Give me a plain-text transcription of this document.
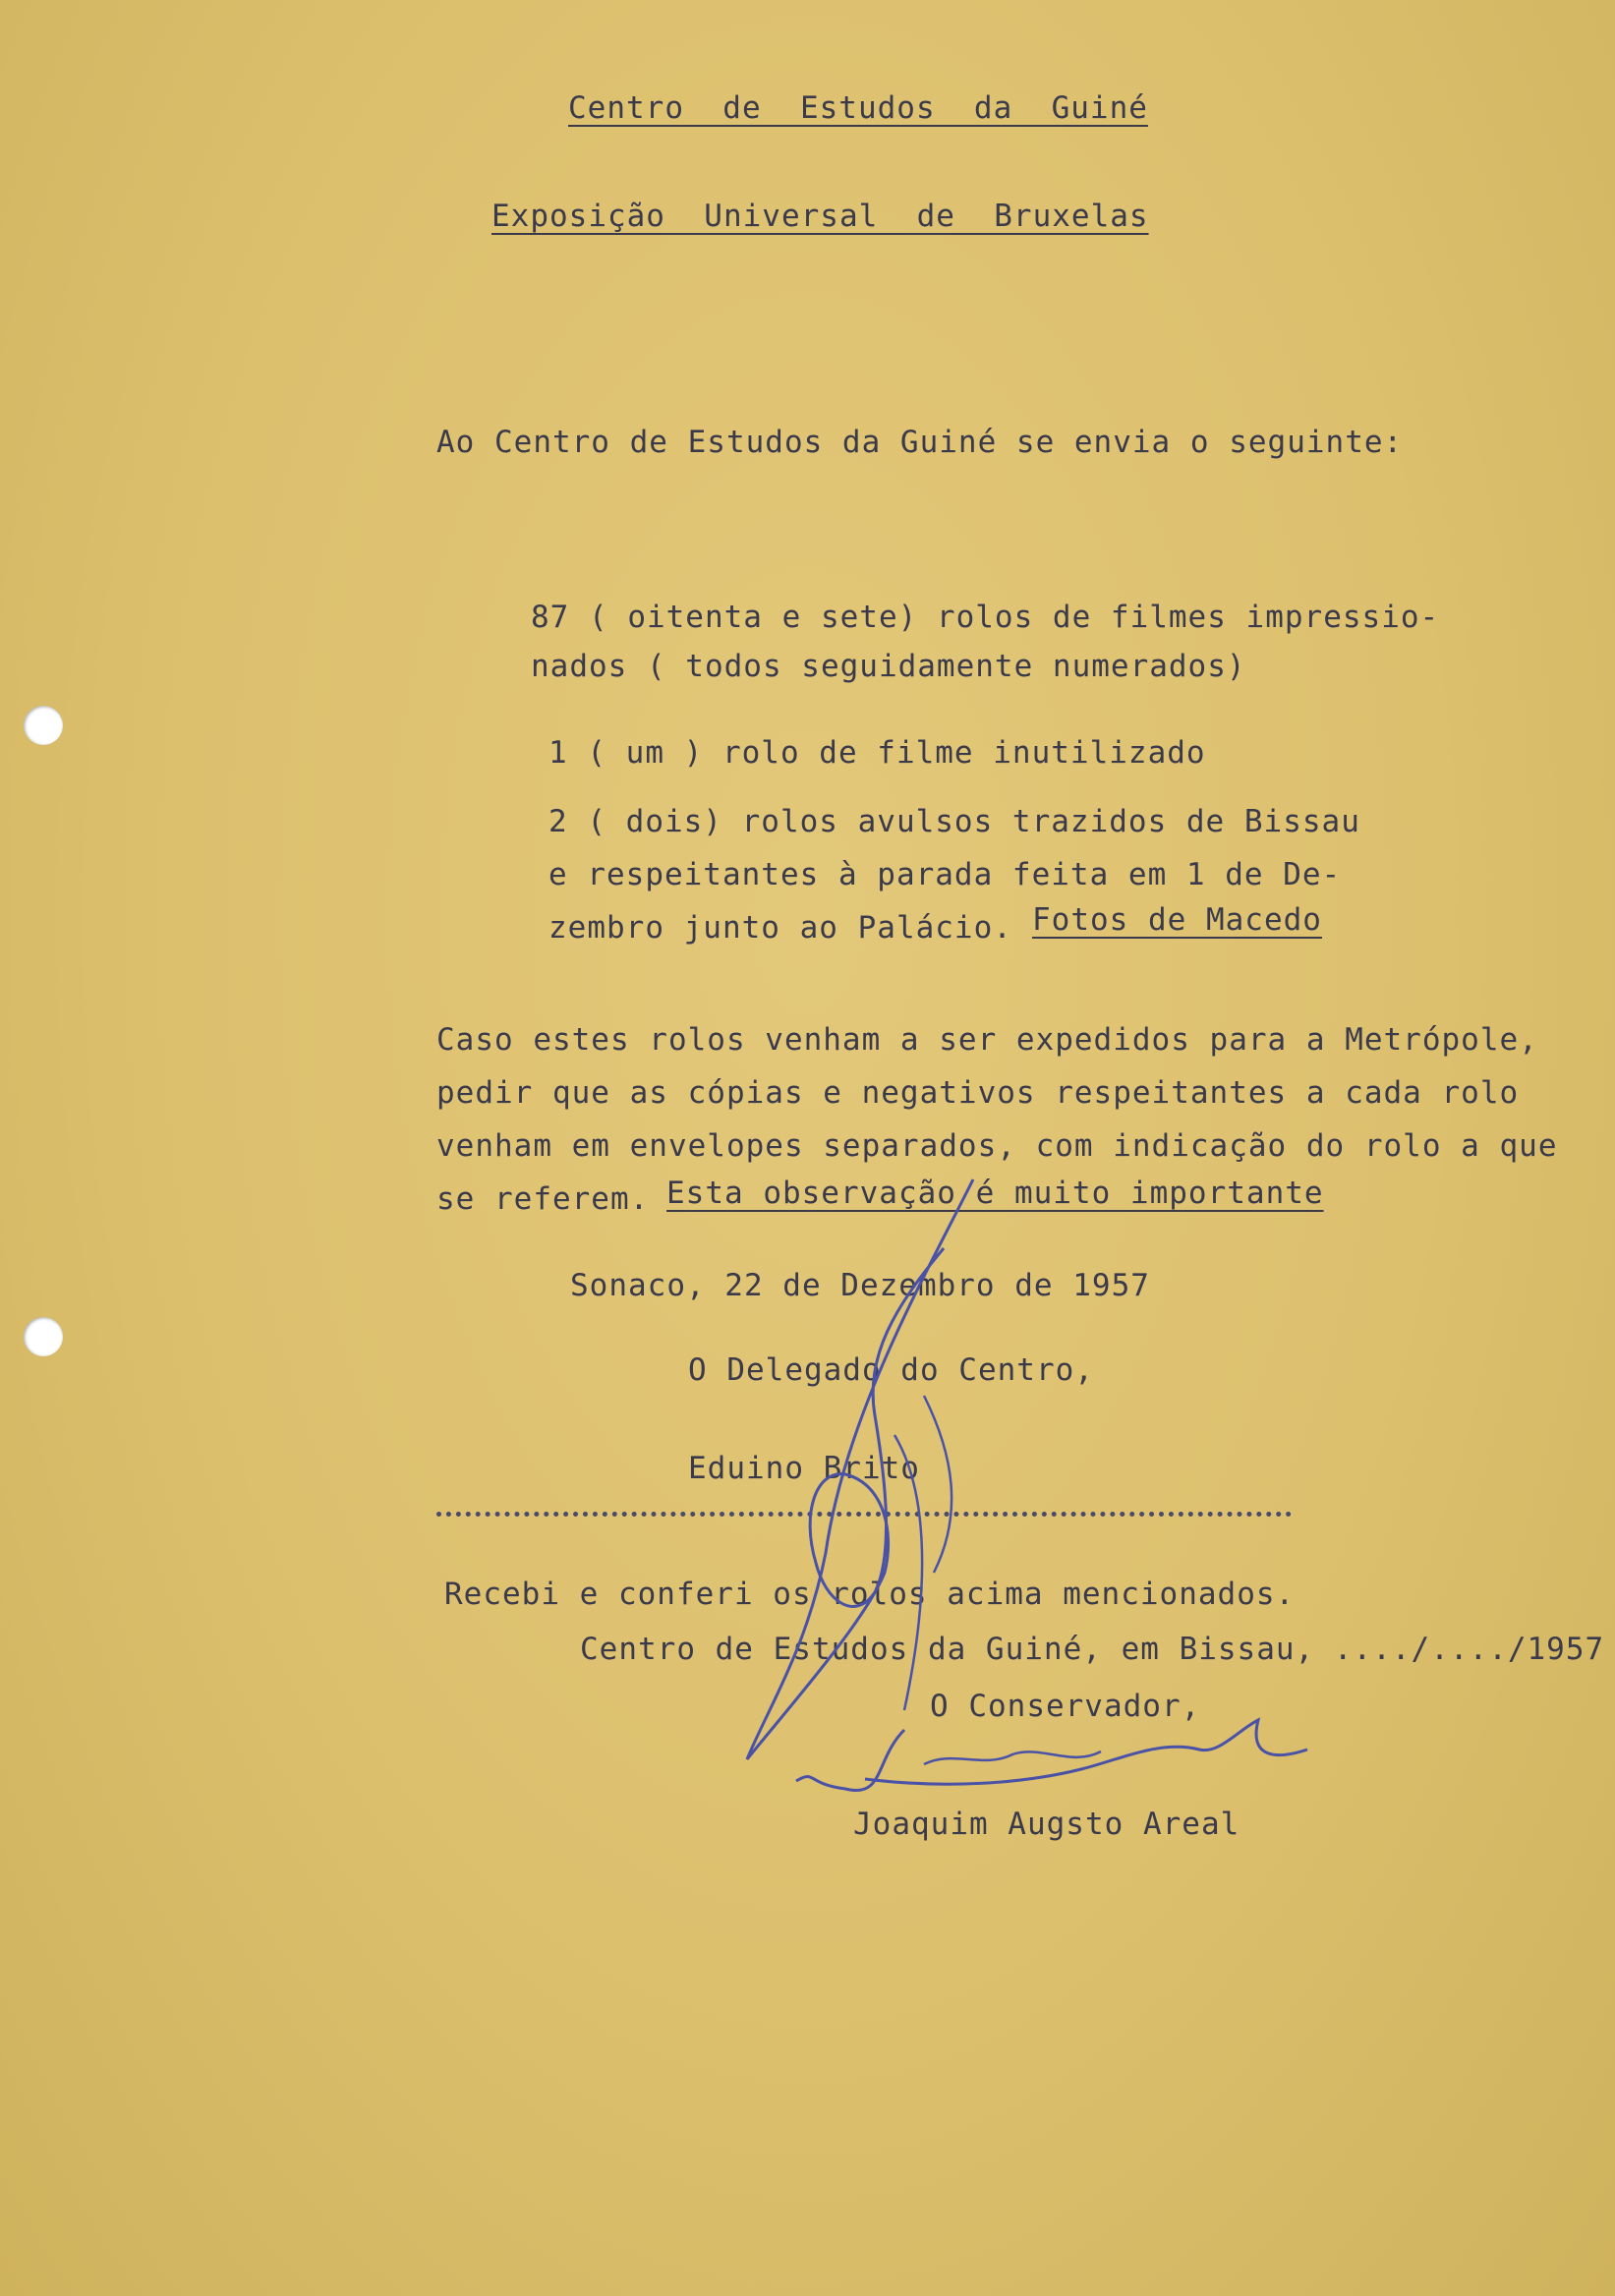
Centro  de  Estudos  da  Guiné
Exposição  Universal  de  Bruxelas
Ao Centro de Estudos da Guiné se envia o seguinte:
87 ( oitenta e sete) rolos de filmes impressio-
nados ( todos seguidamente numerados)
1 ( um ) rolo de filme inutilizado
2 ( dois) rolos avulsos trazidos de Bissau
e respeitantes à parada feita em 1 de De-
zembro junto ao Palácio. Fotos de Macedo
Caso estes rolos venham a ser expedidos para a Metrópole,
pedir que as cópias e negativos respeitantes a cada rolo
venham em envelopes separados, com indicação do rolo a que
se referem. Esta observação é muito importante
Sonaco, 22 de Dezembro de 1957
O Delegado do Centro,
Eduino Brito
Recebi e conferi os rolos acima mencionados.
Centro de Estudos da Guiné, em Bissau, ..../..../1957
O Conservador,
Joaquim Augsto Areal
